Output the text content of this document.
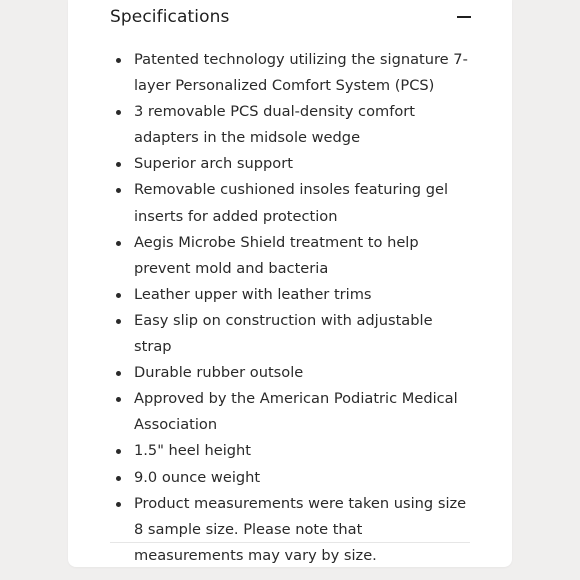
Specifications
Patented technology utilizing the signature 7-layer Personalized Comfort System (PCS)
3 removable PCS dual-density comfort adapters in the midsole wedge
Superior arch support
Removable cushioned insoles featuring gel inserts for added protection
Aegis Microbe Shield treatment to help prevent mold and bacteria
Leather upper with leather trims
Easy slip on construction with adjustable strap
Durable rubber outsole
Approved by the American Podiatric Medical Association
1.5" heel height
9.0 ounce weight
Product measurements were taken using size 8 sample size. Please note that measurements may vary by size.
